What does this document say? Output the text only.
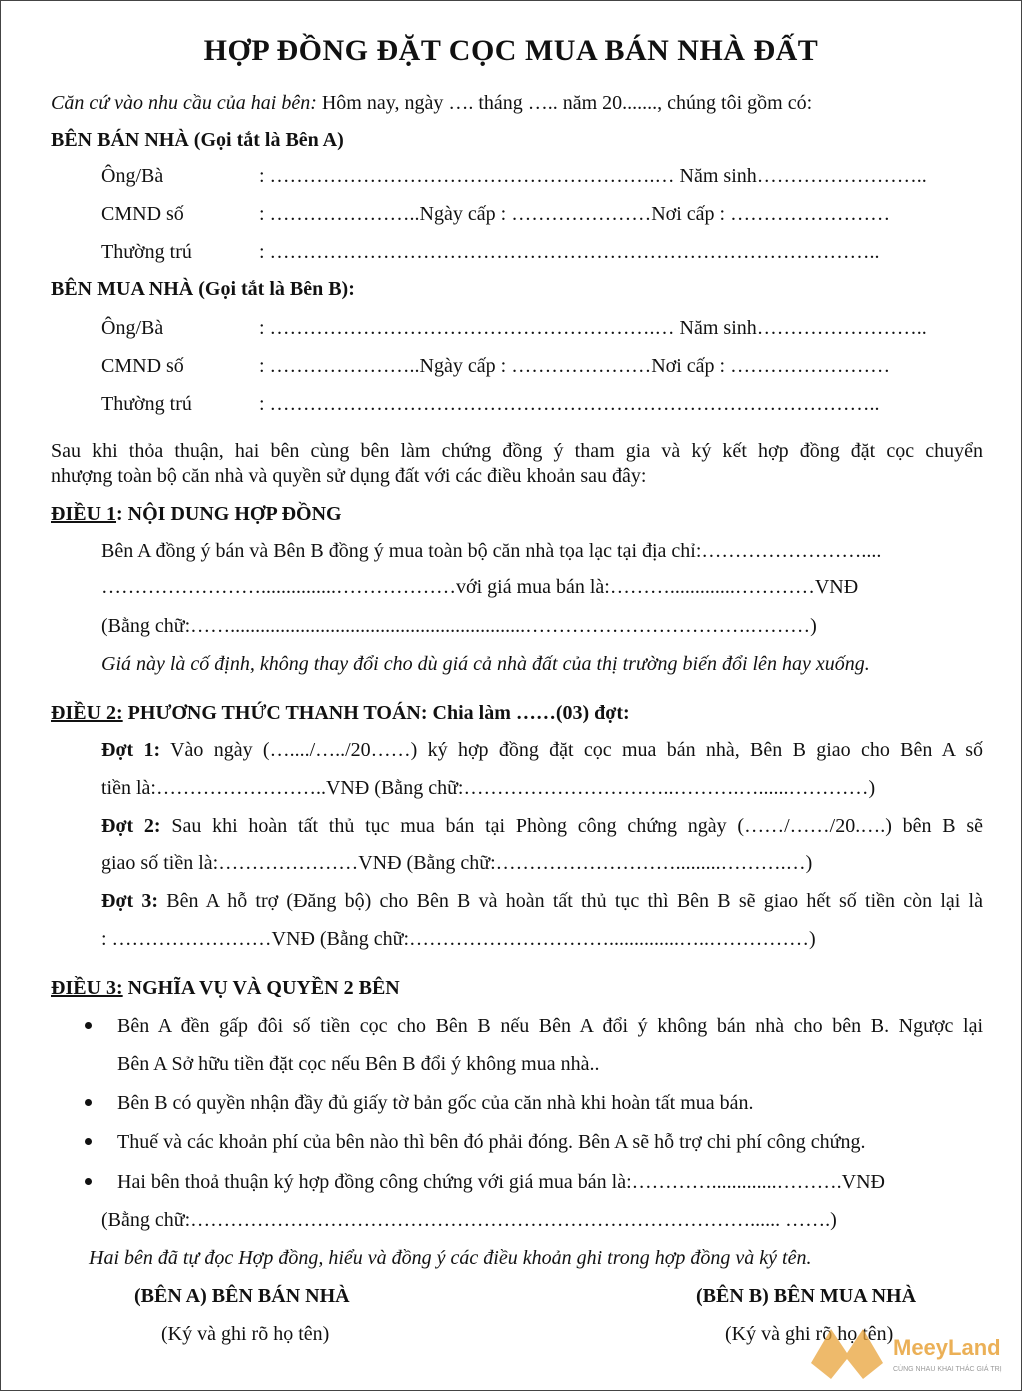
HỢP ĐỒNG ĐẶT CỌC MUA BÁN NHÀ ĐẤT
Căn cứ vào nhu cầu của hai bên: Hôm nay, ngày …. tháng ….. năm 20......., chúng tôi gồm có:
BÊN BÁN NHÀ (Gọi tắt là Bên A)
Ông/Bà	: ………………………………………………….… Năm sinh……………………..
CMND số	: …………………..Ngày cấp : …………………Nơi cấp : ……………………
Thường trú	: ………………………………………………………………………………..
BÊN MUA NHÀ (Gọi tắt là Bên B):
Ông/Bà	: ………………………………………………….… Năm sinh……………………..
CMND số	: …………………..Ngày cấp : …………………Nơi cấp : ……………………
Thường trú	: ………………………………………………………………………………..
Sau khi thỏa thuận, hai bên cùng bên làm chứng đồng ý tham gia và ký kết hợp đồng đặt cọc chuyển
nhượng toàn bộ căn nhà và quyền sử dụng đất với các điều khoản sau đây:
ĐIỀU 1: NỘI DUNG HỢP ĐỒNG
Bên A đồng ý bán và Bên B đồng ý mua toàn bộ căn nhà tọa lạc tại địa chỉ:……………………....
……………………...............………………với giá mua bán là:……….............…………VNĐ
(Bằng chữ:……...........................................................…………………………….………)
Giá này là cố định, không thay đổi cho dù giá cả nhà đất của thị trường biến đổi lên hay xuống.
ĐIỀU 2: PHƯƠNG THỨC THANH TOÁN: Chia làm ……(03) đợt:
Đợt 1: Vào ngày (…..../…../20……) ký hợp đồng đặt cọc mua bán nhà, Bên B giao cho Bên A số
tiền là:……………………..VNĐ (Bằng chữ:…………………………..……….…......…………)
Đợt 2: Sau khi hoàn tất thủ tục mua bán tại Phòng công chứng ngày (……/……/20.….) bên B sẽ
giao số tiền là:…………………VNĐ (Bằng chữ:……………………….........……….…)
Đợt 3: Bên A hỗ trợ (Đăng bộ) cho Bên B và hoàn tất thủ tục thì Bên B sẽ giao hết số tiền còn lại là
: ……………………VNĐ (Bằng chữ:…………………………..............…..……………)
ĐIỀU 3: NGHĨA VỤ VÀ QUYỀN 2 BÊN
Bên A đền gấp đôi số tiền cọc cho Bên B nếu Bên A đổi ý không bán nhà cho bên B. Ngược lại
Bên A Sở hữu tiền đặt cọc nếu Bên B đổi ý không mua nhà..
Bên B có quyền nhận đầy đủ giấy tờ bản gốc của căn nhà khi hoàn tất mua bán.
Thuế và các khoản phí của bên nào thì bên đó phải đóng. Bên A sẽ hỗ trợ chi phí công chứng.
Hai bên thoả thuận ký hợp đồng công chứng với giá mua bán là:………….............……….VNĐ
(Bằng chữ:…………………………………………………………………………...... …….)
Hai bên đã tự đọc Hợp đồng, hiểu và đồng ý các điều khoản ghi trong hợp đồng và ký tên.
(BÊN A) BÊN BÁN NHÀ
(Ký và ghi rõ họ tên)
(BÊN B) BÊN MUA NHÀ
(Ký và ghi rõ họ tên)
MeeyLand
CÙNG NHAU KHAI THÁC GIÁ TRỊ
